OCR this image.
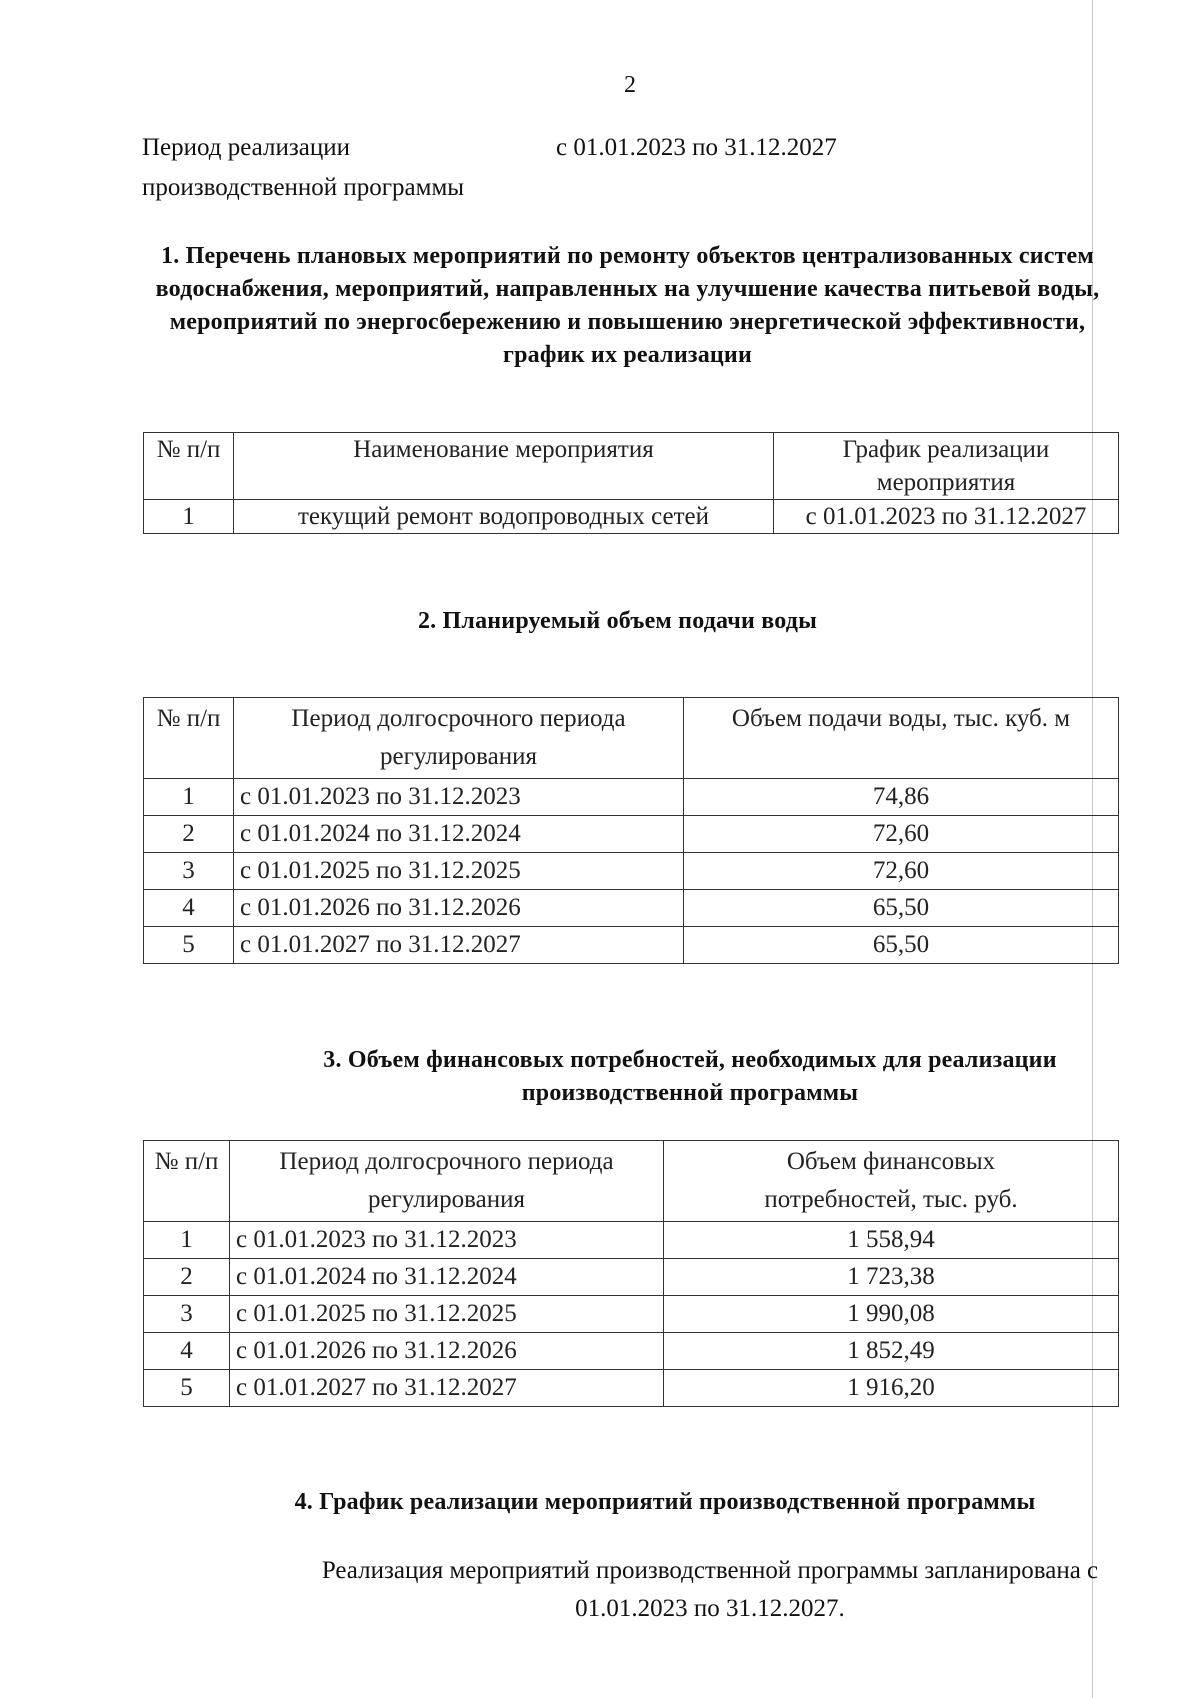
2
Период реализации
производственной программы
с 01.01.2023 по 31.12.2027
1. Перечень плановых мероприятий по ремонту объектов централизованных систем водоснабжения, мероприятий, направленных на улучшение качества питьевой воды, мероприятий по энергосбережению и повышению энергетической эффективности, график их реализации
№ п/п	Наименование мероприятия	График реализации мероприятия
1	текущий ремонт водопроводных сетей	с 01.01.2023 по 31.12.2027
2. Планируемый объем подачи воды
№ п/п	Период долгосрочного периода регулирования	Объем подачи воды, тыс. куб. м
1	с 01.01.2023 по 31.12.2023	74,86
2	с 01.01.2024 по 31.12.2024	72,60
3	с 01.01.2025 по 31.12.2025	72,60
4	с 01.01.2026 по 31.12.2026	65,50
5	с 01.01.2027 по 31.12.2027	65,50
3. Объем финансовых потребностей, необходимых для реализации производственной программы
№ п/п	Период долгосрочного периода регулирования	Объем финансовых потребностей, тыс. руб.
1	с 01.01.2023 по 31.12.2023	1 558,94
2	с 01.01.2024 по 31.12.2024	1 723,38
3	с 01.01.2025 по 31.12.2025	1 990,08
4	с 01.01.2026 по 31.12.2026	1 852,49
5	с 01.01.2027 по 31.12.2027	1 916,20
4. График реализации мероприятий производственной программы
Реализация мероприятий производственной программы запланирована с 01.01.2023 по 31.12.2027.
